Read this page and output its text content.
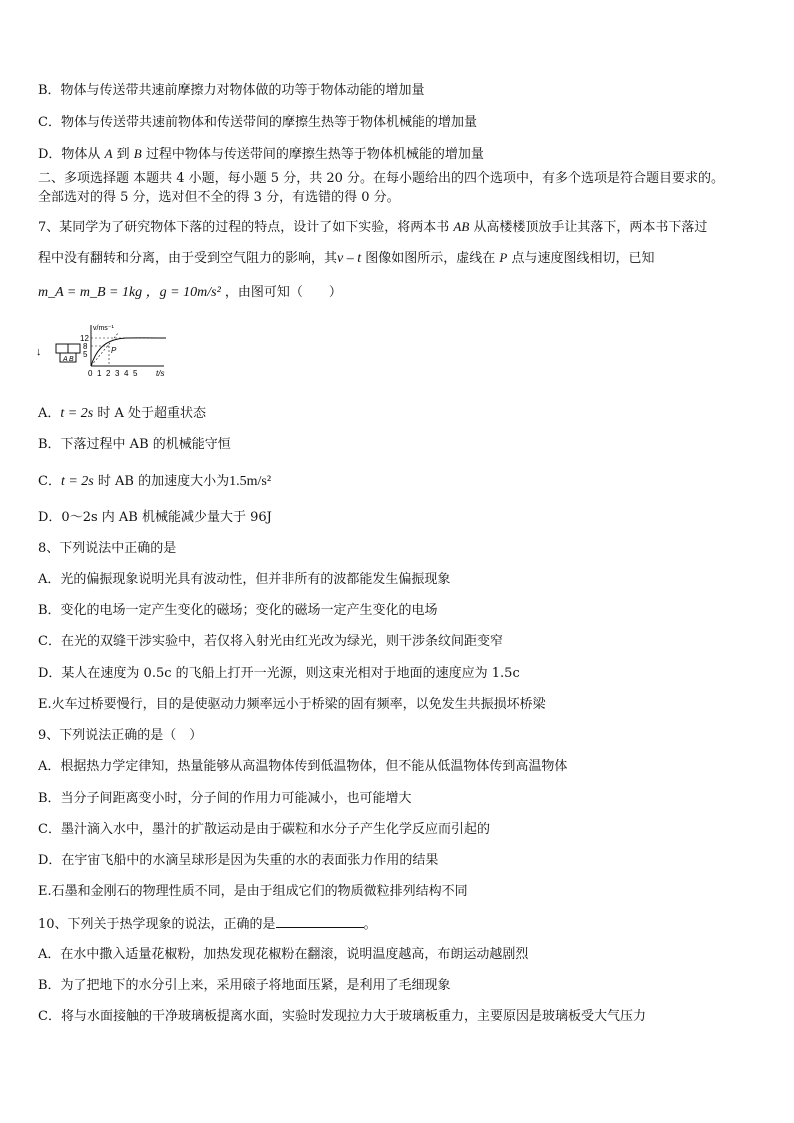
B．物体与传送带共速前摩擦力对物体做的功等于物体动能的增加量
C．物体与传送带共速前物体和传送带间的摩擦生热等于物体机械能的增加量
D．物体从 A 到 B 过程中物体与传送带间的摩擦生热等于物体机械能的增加量
二、多项选择题 本题共 4 小题，每小题 5 分，共 20 分。在每小题给出的四个选项中，有多个选项是符合题目要求的。
全部选对的得 5 分，选对但不全的得 3 分，有选错的得 0 分。
7、某同学为了研究物体下落的过程的特点，设计了如下实验，将两本书 AB 从高楼楼顶放手让其落下，两本书下落过
程中没有翻转和分离，由于受到空气阻力的影响，其v – t 图像如图所示，虚线在 P 点与速度图线相切，已知
m_A = m_B = 1kg ，g = 10m/s² ，由图可知（　　）
↓
A B
v/ms⁻¹
12
8
5	P
0 1 2 3 4 5 t/s
A．t = 2s 时 A 处于超重状态
B．下落过程中 AB 的机械能守恒
C．t = 2s 时 AB 的加速度大小为1.5m/s²
D．0～2s 内 AB 机械能减少量大于 96J
8、下列说法中正确的是
A．光的偏振现象说明光具有波动性，但并非所有的波都能发生偏振现象
B．变化的电场一定产生变化的磁场；变化的磁场一定产生变化的电场
C．在光的双缝干涉实验中，若仅将入射光由红光改为绿光，则干涉条纹间距变窄
D．某人在速度为 0.5c 的飞船上打开一光源，则这束光相对于地面的速度应为 1.5c
E.火车过桥要慢行，目的是使驱动力频率远小于桥梁的固有频率，以免发生共振损坏桥梁
9、下列说法正确的是（　）
A．根据热力学定律知，热量能够从高温物体传到低温物体，但不能从低温物体传到高温物体
B．当分子间距离变小时，分子间的作用力可能减小，也可能增大
C．墨汁滴入水中，墨汁的扩散运动是由于碳粒和水分子产生化学反应而引起的
D．在宇宙飞船中的水滴呈球形是因为失重的水的表面张力作用的结果
E.石墨和金刚石的物理性质不同，是由于组成它们的物质微粒排列结构不同
10、下列关于热学现象的说法，正确的是	。
A．在水中撒入适量花椒粉，加热发现花椒粉在翻滚，说明温度越高，布朗运动越剧烈
B．为了把地下的水分引上来，采用磙子将地面压紧，是利用了毛细现象
C．将与水面接触的干净玻璃板提离水面，实验时发现拉力大于玻璃板重力，主要原因是玻璃板受大气压力
